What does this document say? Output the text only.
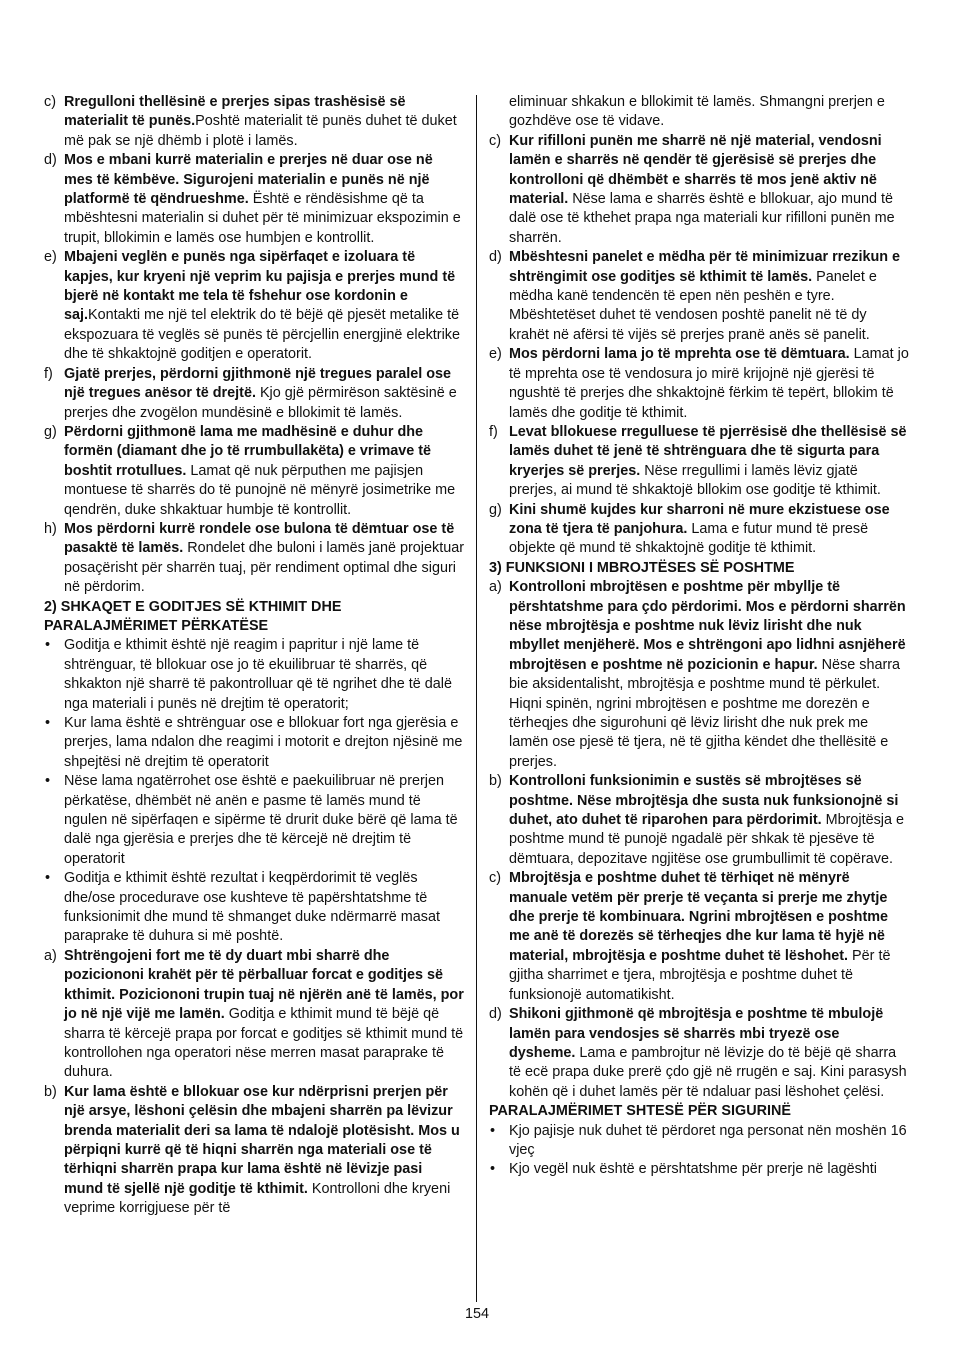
c) Rregulloni thellësinë e prerjes sipas trashësisë së materialit të punës.Poshtë materialit të punës duhet të duket më pak se një dhëmb i plotë i lamës.
d) Mos e mbani kurrë materialin e prerjes në duar ose në mes të këmbëve. Sigurojeni materialin e punës në një platformë të qëndrueshme. Është e rëndësishme që ta mbështesni materialin si duhet për të minimizuar ekspozimin e trupit, bllokimin e lamës ose humbjen e kontrollit.
e) Mbajeni veglën e punës nga sipërfaqet e izoluara të kapjes, kur kryeni një veprim ku pajisja e prerjes mund të bjerë në kontakt me tela të fshehur ose kordonin e saj.Kontakti me një tel elektrik do të bëjë që pjesët metalike të ekspozuara të veglës së punës të përcjellin energjinë elektrike dhe të shkaktojnë goditjen e operatorit.
f) Gjatë prerjes, përdorni gjithmonë një tregues paralel ose një tregues anësor të drejtë. Kjo gjë përmirëson saktësinë e prerjes dhe zvogëlon mundësinë e bllokimit të lamës.
g) Përdorni gjithmonë lama me madhësinë e duhur dhe formën (diamant dhe jo të rrumbullakëta) e vrimave të boshtit rrotullues. Lamat që nuk përputhen me pajisjen montuese të sharrës do të punojnë në mënyrë josimetrike me qendrën, duke shkaktuar humbje të kontrollit.
h) Mos përdorni kurrë rondele ose bulona të dëmtuar ose të pasaktë të lamës. Rondelet dhe buloni i lamës janë projektuar posaçërisht për sharrën tuaj, për rendiment optimal dhe siguri në përdorim.

2) SHKAQET E GODITJES SË KTHIMIT DHE PARALAJMËRIMET PËRKATËSE

• Goditja e kthimit është një reagim i papritur i një lame të shtrënguar, të bllokuar ose jo të ekuilibruar të sharrës, që shkakton një sharrë të pakontrolluar që të ngrihet dhe të dalë nga materiali i punës në drejtim të operatorit;
• Kur lama është e shtrënguar ose e bllokuar fort nga gjerësia e prerjes, lama ndalon dhe reagimi i motorit e drejton njësinë me shpejtësi në drejtim të operatorit
• Nëse lama ngatërrohet ose është e paekuilibruar në prerjen përkatëse, dhëmbët në anën e pasme të lamës mund të ngulen në sipërfaqen e sipërme të drurit duke bërë që lama të dalë nga gjerësia e prerjes dhe të kërcejë në drejtim të operatorit
• Goditja e kthimit është rezultat i keqpërdorimit të veglës dhe/ose procedurave ose kushteve të papërshtatshme të funksionimit dhe mund të shmanget duke ndërmarrë masat paraprake të duhura si më poshtë.
a) Shtrëngojeni fort me të dy duart mbi sharrë dhe poziciononi krahët për të përballuar forcat e goditjes së kthimit. Poziciononi trupin tuaj në njërën anë të lamës, por jo në një vijë me lamën. Goditja e kthimit mund të bëjë që sharra të kërcejë prapa por forcat e goditjes së kthimit mund të kontrollohen nga operatori nëse merren masat paraprake të duhura.
b) Kur lama është e bllokuar ose kur ndërprisni prerjen për një arsye, lëshoni çelësin dhe mbajeni sharrën pa lëvizur brenda materialit deri sa lama të ndalojë plotësisht. Mos u përpiqni kurrë që të hiqni sharrën nga materiali ose të tërhiqni sharrën prapa kur lama është në lëvizje pasi mund të sjellë një goditje të kthimit. Kontrolloni dhe kryeni veprime korrigjuese për të

eliminuar shkakun e bllokimit të lamës. Shmangni prerjen e gozhdëve ose të vidave.

c) Kur rifilloni punën me sharrë në një material, vendosni lamën e sharrës në qendër të gjerësisë së prerjes dhe kontrolloni që dhëmbët e sharrës të mos jenë aktiv në material. Nëse lama e sharrës është e bllokuar, ajo mund të dalë ose të kthehet prapa nga materiali kur rifilloni punën me sharrën.
d) Mbështesni panelet e mëdha për të minimizuar rrezikun e shtrëngimit ose goditjes së kthimit të lamës. Panelet e mëdha kanë tendencën të epen nën peshën e tyre. Mbështetëset duhet të vendosen poshtë panelit në të dy krahët në afërsi të vijës së prerjes pranë anës së panelit.
e) Mos përdorni lama jo të mprehta ose të dëmtuara. Lamat jo të mprehta ose të vendosura jo mirë krijojnë një gjerësi të ngushtë të prerjes dhe shkaktojnë fërkim të tepërt, bllokim të lamës dhe goditje të kthimit.
f) Levat bllokuese rregulluese të pjerrësisë dhe thellësisë së lamës duhet të jenë të shtrënguara dhe të sigurta para kryerjes së prerjes. Nëse rregullimi i lamës lëviz gjatë prerjes, ai mund të shkaktojë bllokim ose goditje të kthimit.
g) Kini shumë kujdes kur sharroni në mure ekzistuese ose zona të tjera të panjohura. Lama e futur mund të presë objekte që mund të shkaktojnë goditje të kthimit.

3) FUNKSIONI I MBROJTËSES SË POSHTME

a) Kontrolloni mbrojtësen e poshtme për mbyllje të përshtatshme para çdo përdorimi. Mos e përdorni sharrën nëse mbrojtësja e poshtme nuk lëviz lirisht dhe nuk mbyllet menjëherë. Mos e shtrëngoni apo lidhni asnjëherë mbrojtësen e poshtme në pozicionin e hapur. Nëse sharra bie aksidentalisht, mbrojtësja e poshtme mund të përkulet. Hiqni spinën, ngrini mbrojtësen e poshtme me dorezën e tërheqjes dhe sigurohuni që lëviz lirisht dhe nuk prek me lamën ose pjesë të tjera, në të gjitha këndet dhe thellësitë e prerjes.
b) Kontrolloni funksionimin e sustës së mbrojtëses së poshtme. Nëse mbrojtësja dhe susta nuk funksionojnë si duhet, ato duhet të riparohen para përdorimit. Mbrojtësja e poshtme mund të punojë ngadalë për shkak të pjesëve të dëmtuara, depozitave ngjitëse ose grumbullimit të copërave.
c) Mbrojtësja e poshtme duhet të tërhiqet në mënyrë manuale vetëm për prerje të veçanta si prerje me zhytje dhe prerje të kombinuara. Ngrini mbrojtësen e poshtme me anë të dorezës së tërheqjes dhe kur lama të hyjë në material, mbrojtësja e poshtme duhet të lëshohet. Për të gjitha sharrimet e tjera, mbrojtësja e poshtme duhet të funksionojë automatikisht.
d) Shikoni gjithmonë që mbrojtësja e poshtme të mbulojë lamën para vendosjes së sharrës mbi tryezë ose dysheme. Lama e pambrojtur në lëvizje do të bëjë që sharra të ecë prapa duke prerë çdo gjë në rrugën e saj. Kini parasysh kohën që i duhet lamës për të ndaluar pasi lëshohet çelësi.

PARALAJMËRIMET SHTESË PËR SIGURINË

• Kjo pajisje nuk duhet të përdoret nga personat nën moshën 16 vjeç
• Kjo vegël nuk është e përshtatshme për prerje në lagështi
154
